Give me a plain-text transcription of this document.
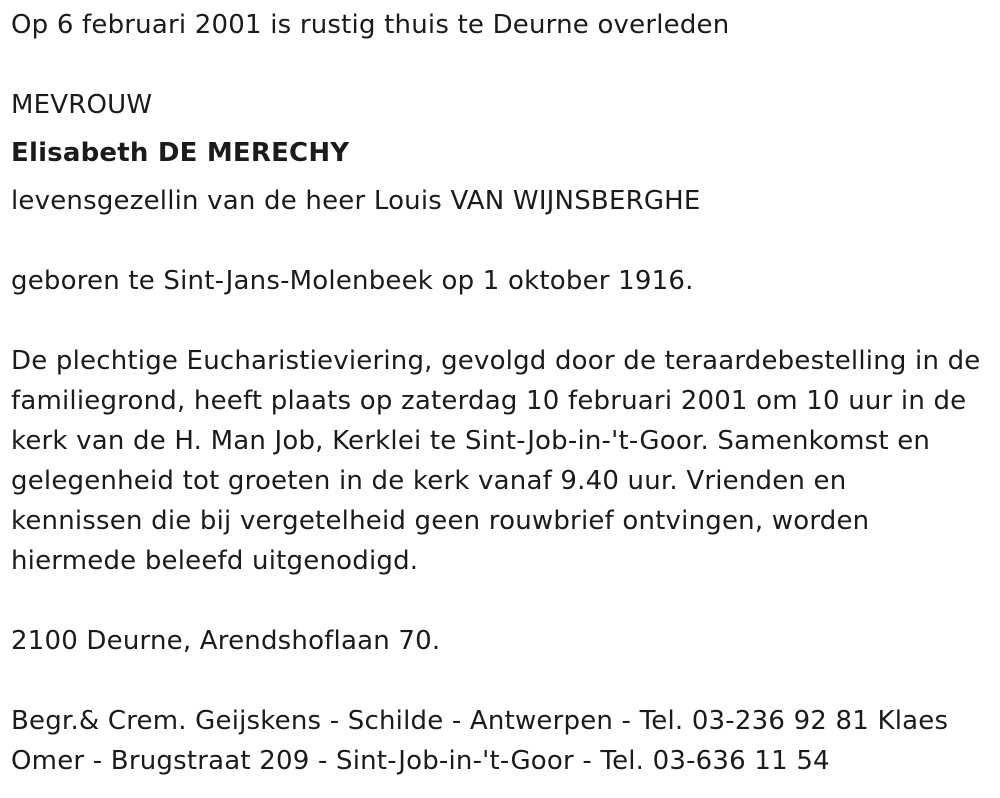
Op 6 februari 2001 is rustig thuis te Deurne overleden
MEVROUW
Elisabeth DE MERECHY
levensgezellin van de heer Louis VAN WIJNSBERGHE
geboren te Sint-Jans-Molenbeek op 1 oktober 1916.
De plechtige Eucharistieviering, gevolgd door de teraardebestelling in de
familiegrond, heeft plaats op zaterdag 10 februari 2001 om 10 uur in de
kerk van de H. Man Job, Kerklei te Sint-Job-in-'t-Goor. Samenkomst en
gelegenheid tot groeten in de kerk vanaf 9.40 uur. Vrienden en
kennissen die bij vergetelheid geen rouwbrief ontvingen, worden
hiermede beleefd uitgenodigd.
2100 Deurne, Arendshoflaan 70.
Begr.& Crem. Geijskens - Schilde - Antwerpen - Tel. 03-236 92 81 Klaes
Omer - Brugstraat 209 - Sint-Job-in-'t-Goor - Tel. 03-636 11 54
